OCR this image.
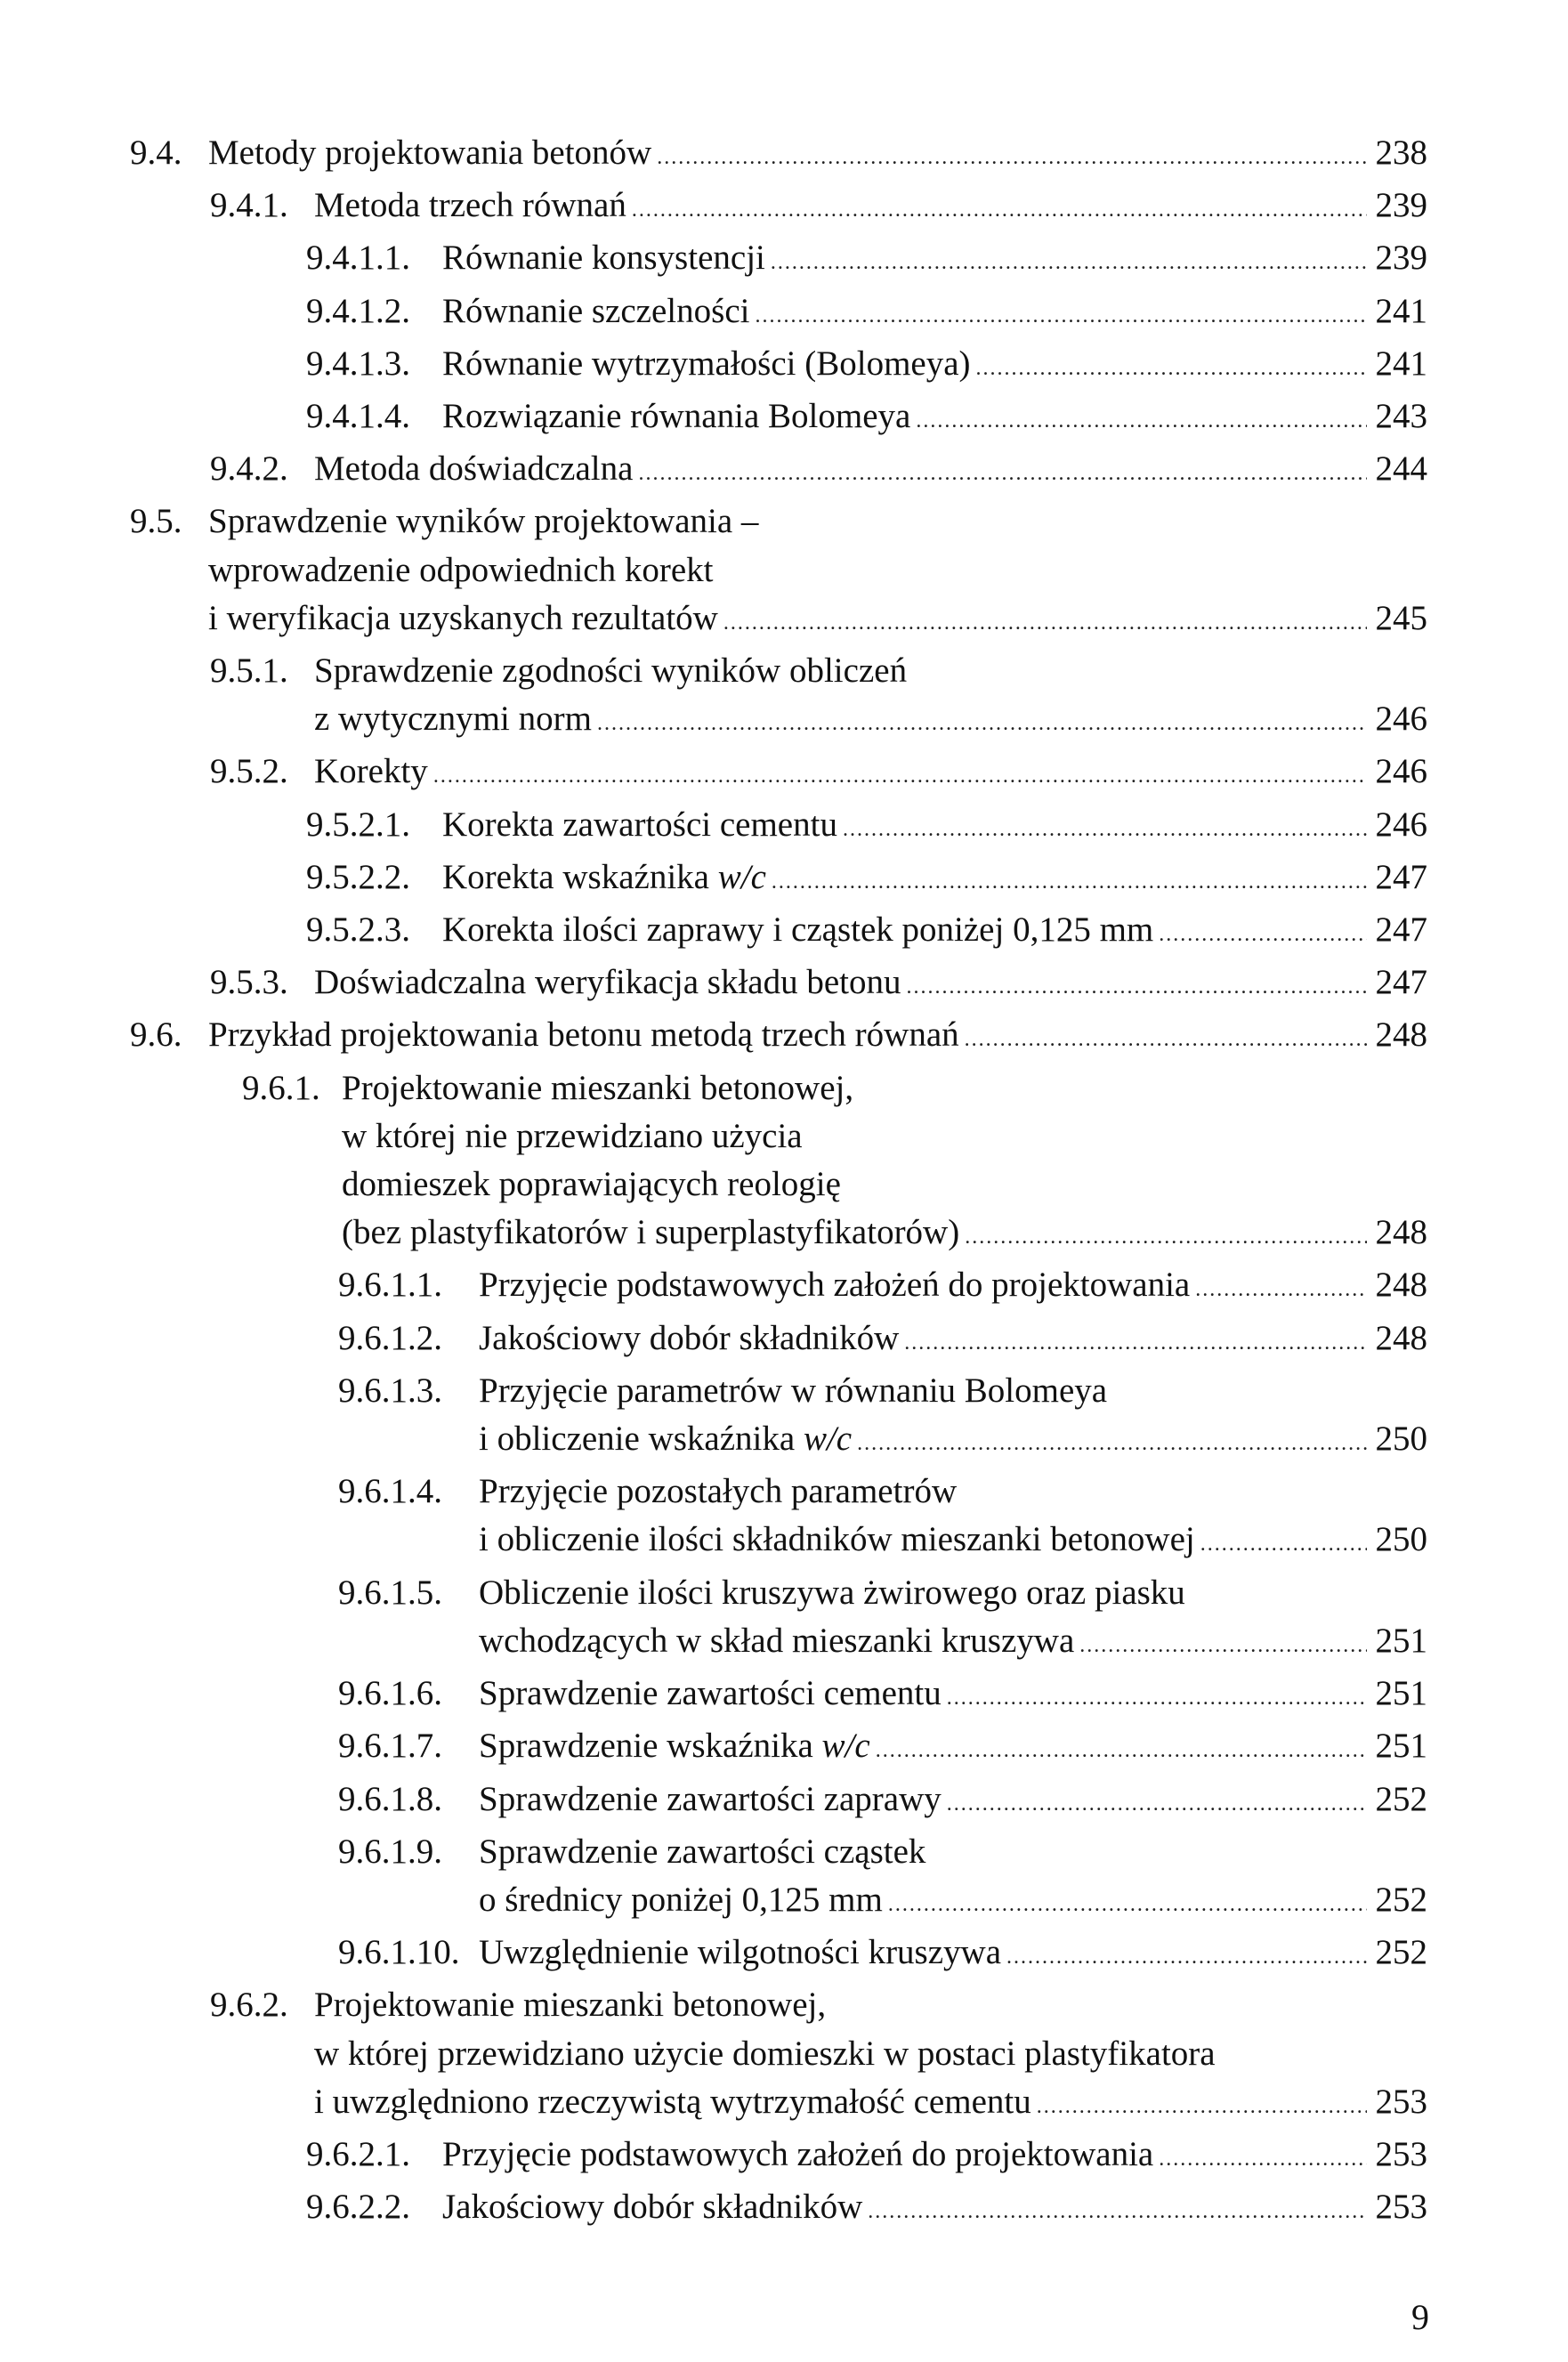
9.4. Metody projektowania betonów .....	238
9.4.1. Metoda trzech równań .....	239
9.4.1.1. Równanie konsystencji .....	239
9.4.1.2. Równanie szczelności .....	241
9.4.1.3. Równanie wytrzymałości (Bolomeya) .....	241
9.4.1.4. Rozwiązanie równania Bolomeya .....	243
9.4.2. Metoda doświadczalna .....	244
9.5. Sprawdzenie wyników projektowania –
wprowadzenie odpowiednich korekt
i weryfikacja uzyskanych rezultatów .....	245
9.5.1. Sprawdzenie zgodności wyników obliczeń
z wytycznymi norm .....	246
9.5.2. Korekty .....	246
9.5.2.1. Korekta zawartości cementu .....	246
9.5.2.2. Korekta wskaźnika w/c .....	247
9.5.2.3. Korekta ilości zaprawy i cząstek poniżej 0,125 mm .....	247
9.5.3. Doświadczalna weryfikacja składu betonu .....	247
9.6. Przykład projektowania betonu metodą trzech równań .....	248
9.6.1. Projektowanie mieszanki betonowej,
w której nie przewidziano użycia
domieszek poprawiających reologię
(bez plastyfikatorów i superplastyfikatorów) .....	248
9.6.1.1.	Przyjęcie podstawowych założeń do projektowania .....	248
9.6.1.2.	Jakościowy dobór składników .....	248
9.6.1.3.	Przyjęcie parametrów w równaniu Bolomeya
i obliczenie wskaźnika w/c .....	250
9.6.1.4.	Przyjęcie pozostałych parametrów
i obliczenie ilości składników mieszanki betonowej .....	250
9.6.1.5.	Obliczenie ilości kruszywa żwirowego oraz piasku
wchodzących w skład mieszanki kruszywa .....	251
9.6.1.6.	Sprawdzenie zawartości cementu .....	251
9.6.1.7.	Sprawdzenie wskaźnika w/c .....	251
9.6.1.8.	Sprawdzenie zawartości zaprawy .....	252
9.6.1.9.	Sprawdzenie zawartości cząstek
o średnicy poniżej 0,125 mm .....	252
9.6.1.10. Uwzględnienie wilgotności kruszywa .....	252
9.6.2. Projektowanie mieszanki betonowej,
w której przewidziano użycie domieszki w postaci plastyfikatora
i uwzględniono rzeczywistą wytrzymałość cementu .....	253
9.6.2.1. Przyjęcie podstawowych założeń do projektowania .....	253
9.6.2.2. Jakościowy dobór składników .....	253
9
